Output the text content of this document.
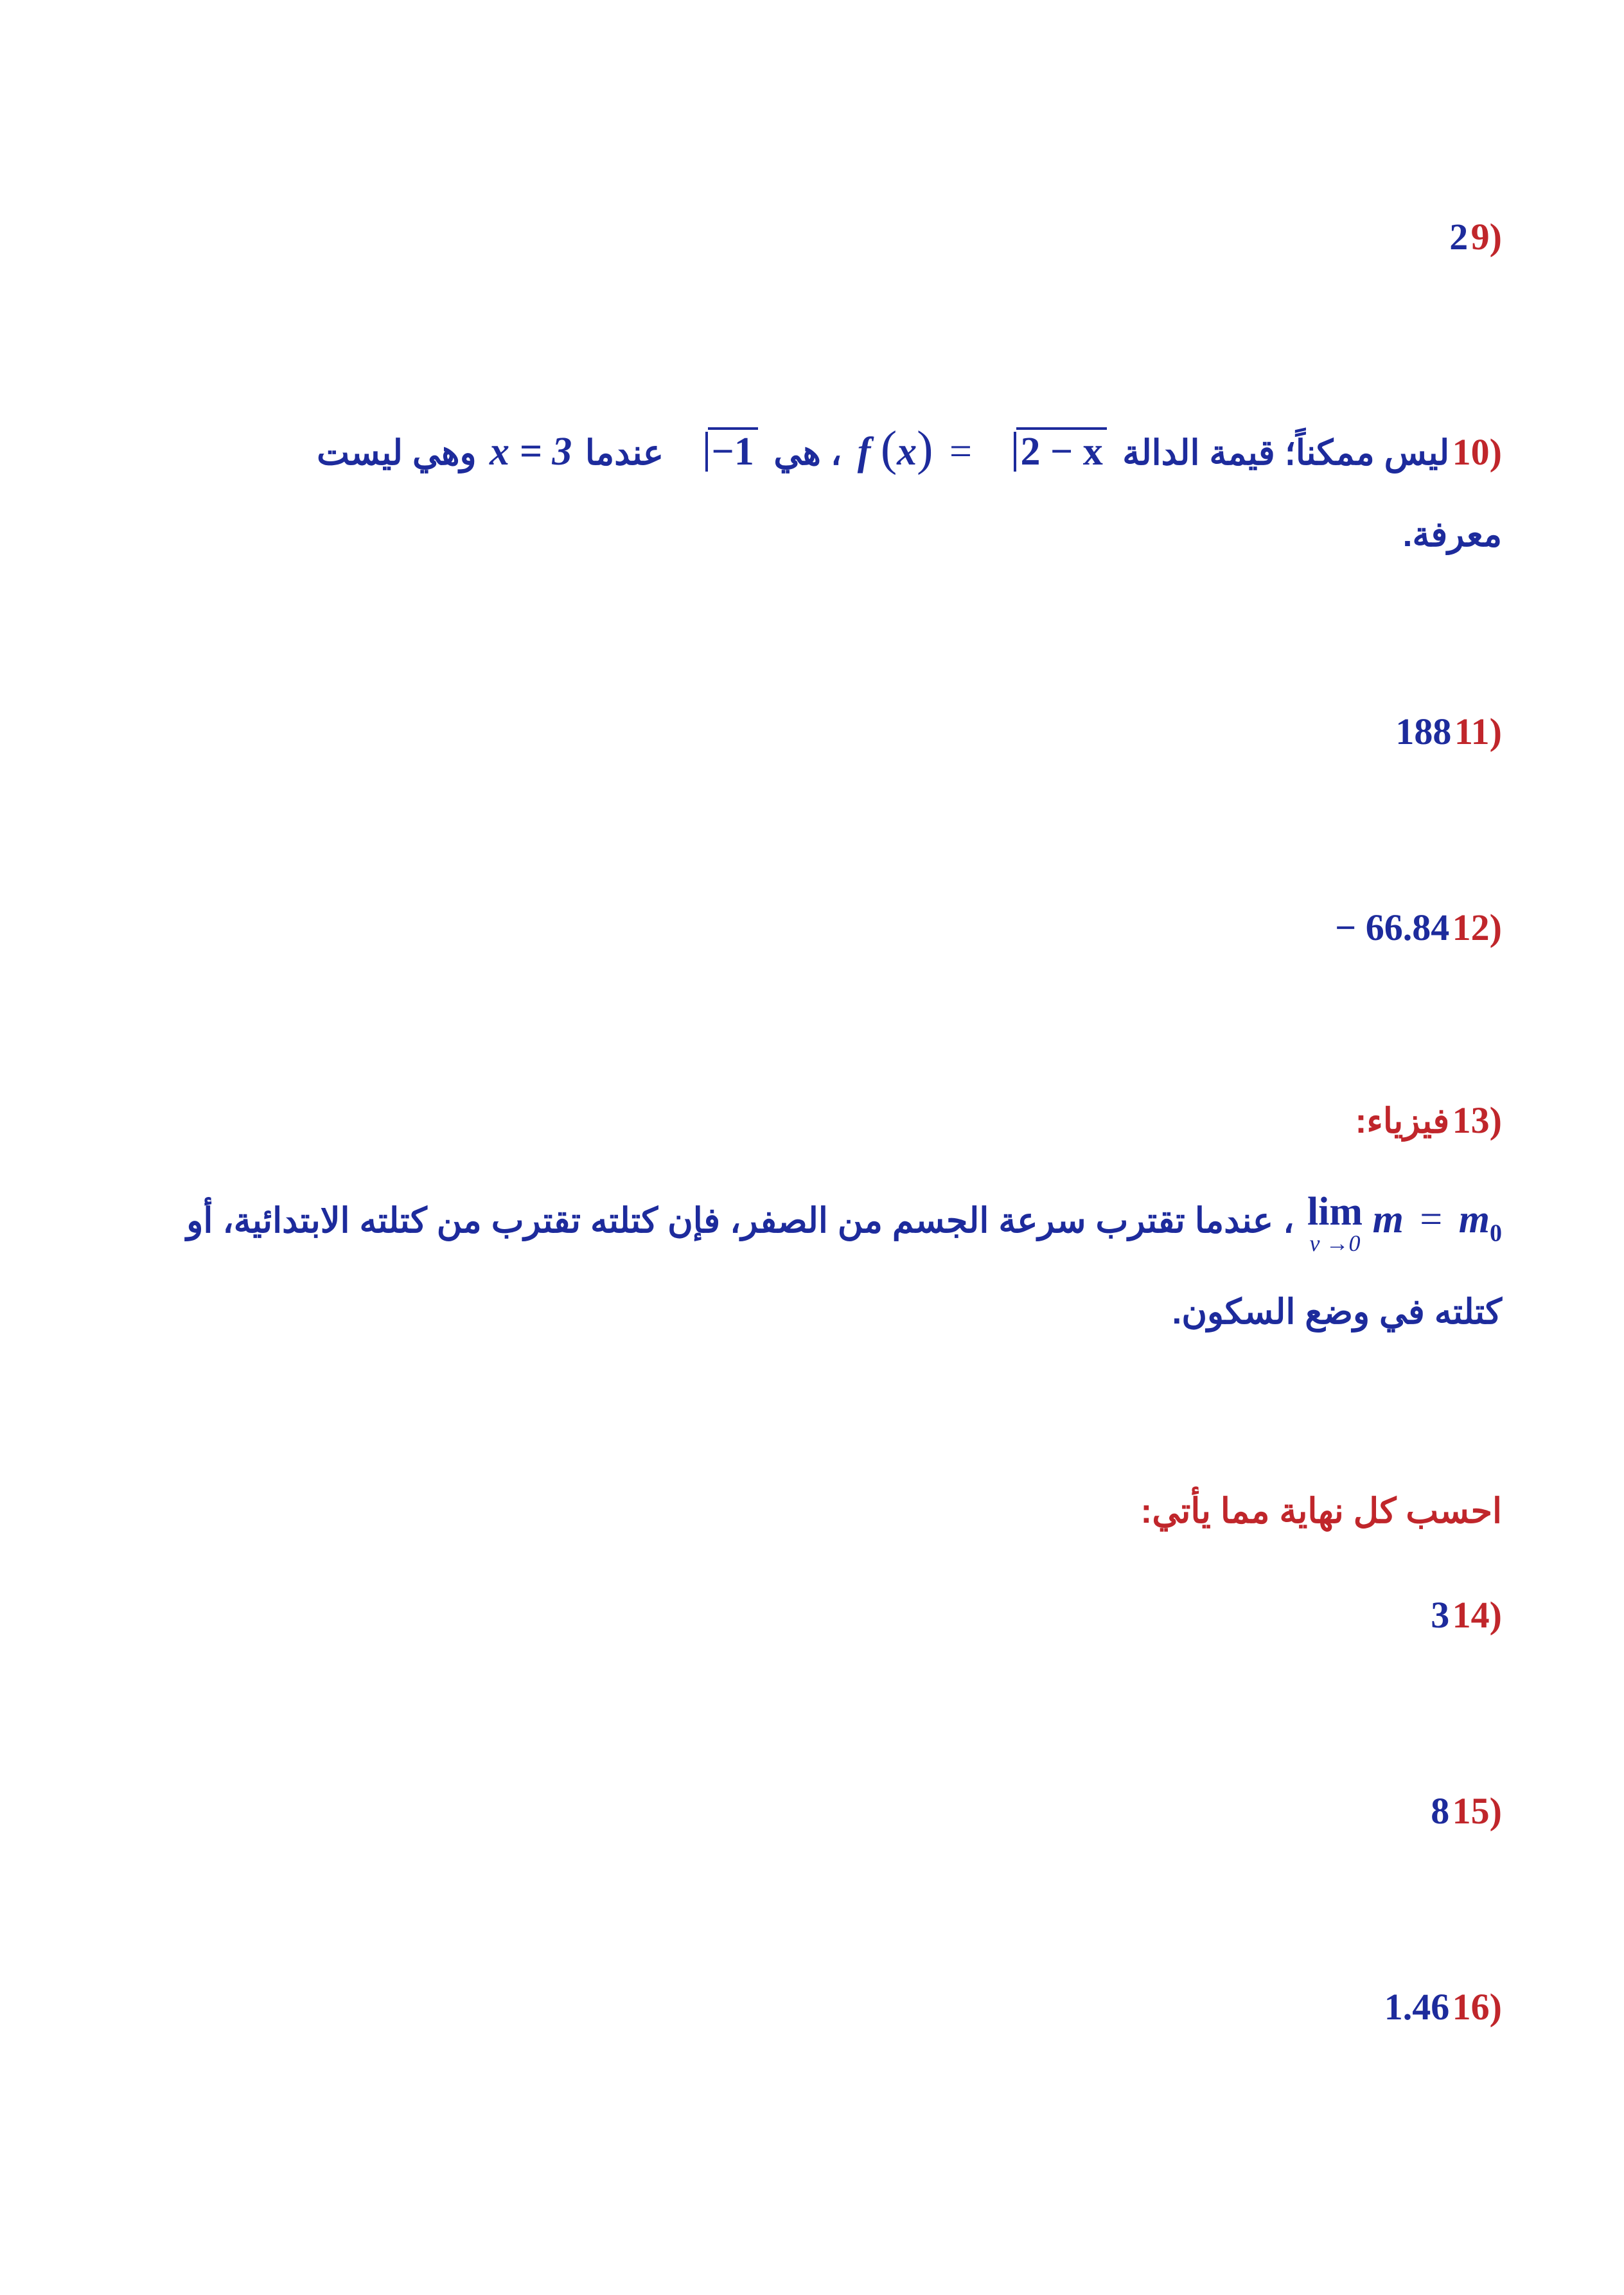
(9 2
(10 ليس ممكناً؛ قيمة الدالة f (x) = 2 − x ، هي −1 عندما x = 3 وهي ليست
معرفة.
(11 188
(12 − 66.84
(13 فيزياء:
lim
v →0
$m = m_0$ ، عندما تقترب سرعة الجسم من الصفر، فإن كتلته تقترب من كتلته الابتدائية، أو
كتلته في وضع السكون.
احسب كل نهاية مما يأتي:
(14 3
(15 8
(16 1.46
